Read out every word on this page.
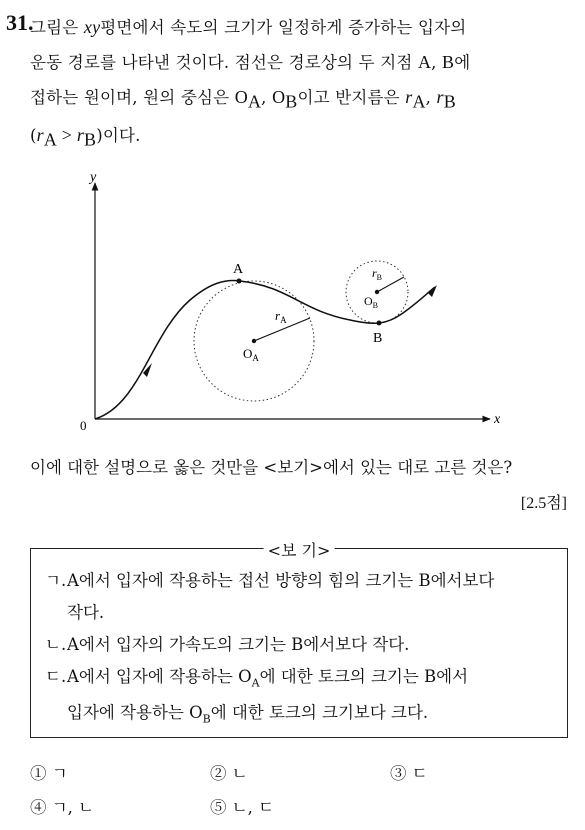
31.
그림은 xy평면에서 속도의 크기가 일정하게 증가하는 입자의
운동 경로를 나타낸 것이다. 점선은 경로상의 두 지점 A, B에
접하는 원이며, 원의 중심은 $O_A$, $O_B$이고 반지름은 $r_A$, $r_B$
$(r_A > r_B)$이다.
y
x
0
A
B
$O_A$
$r_A$
$O_B$
$r_B$
이에 대한 설명으로 옳은 것만을 <보기>에서 있는 대로 고른 것은?
[2.5점]
<보 기>
ㄱ.A에서 입자에 작용하는 접선 방향의 힘의 크기는 B에서보다
작다.
ㄴ.A에서 입자의 가속도의 크기는 B에서보다 작다.
ㄷ.A에서 입자에 작용하는 $O_A$에 대한 토크의 크기는 B에서
입자에 작용하는 $O_B$에 대한 토크의 크기보다 크다.
① ㄱ	② ㄴ	③ ㄷ
④ ㄱ, ㄴ	⑤ ㄴ, ㄷ
